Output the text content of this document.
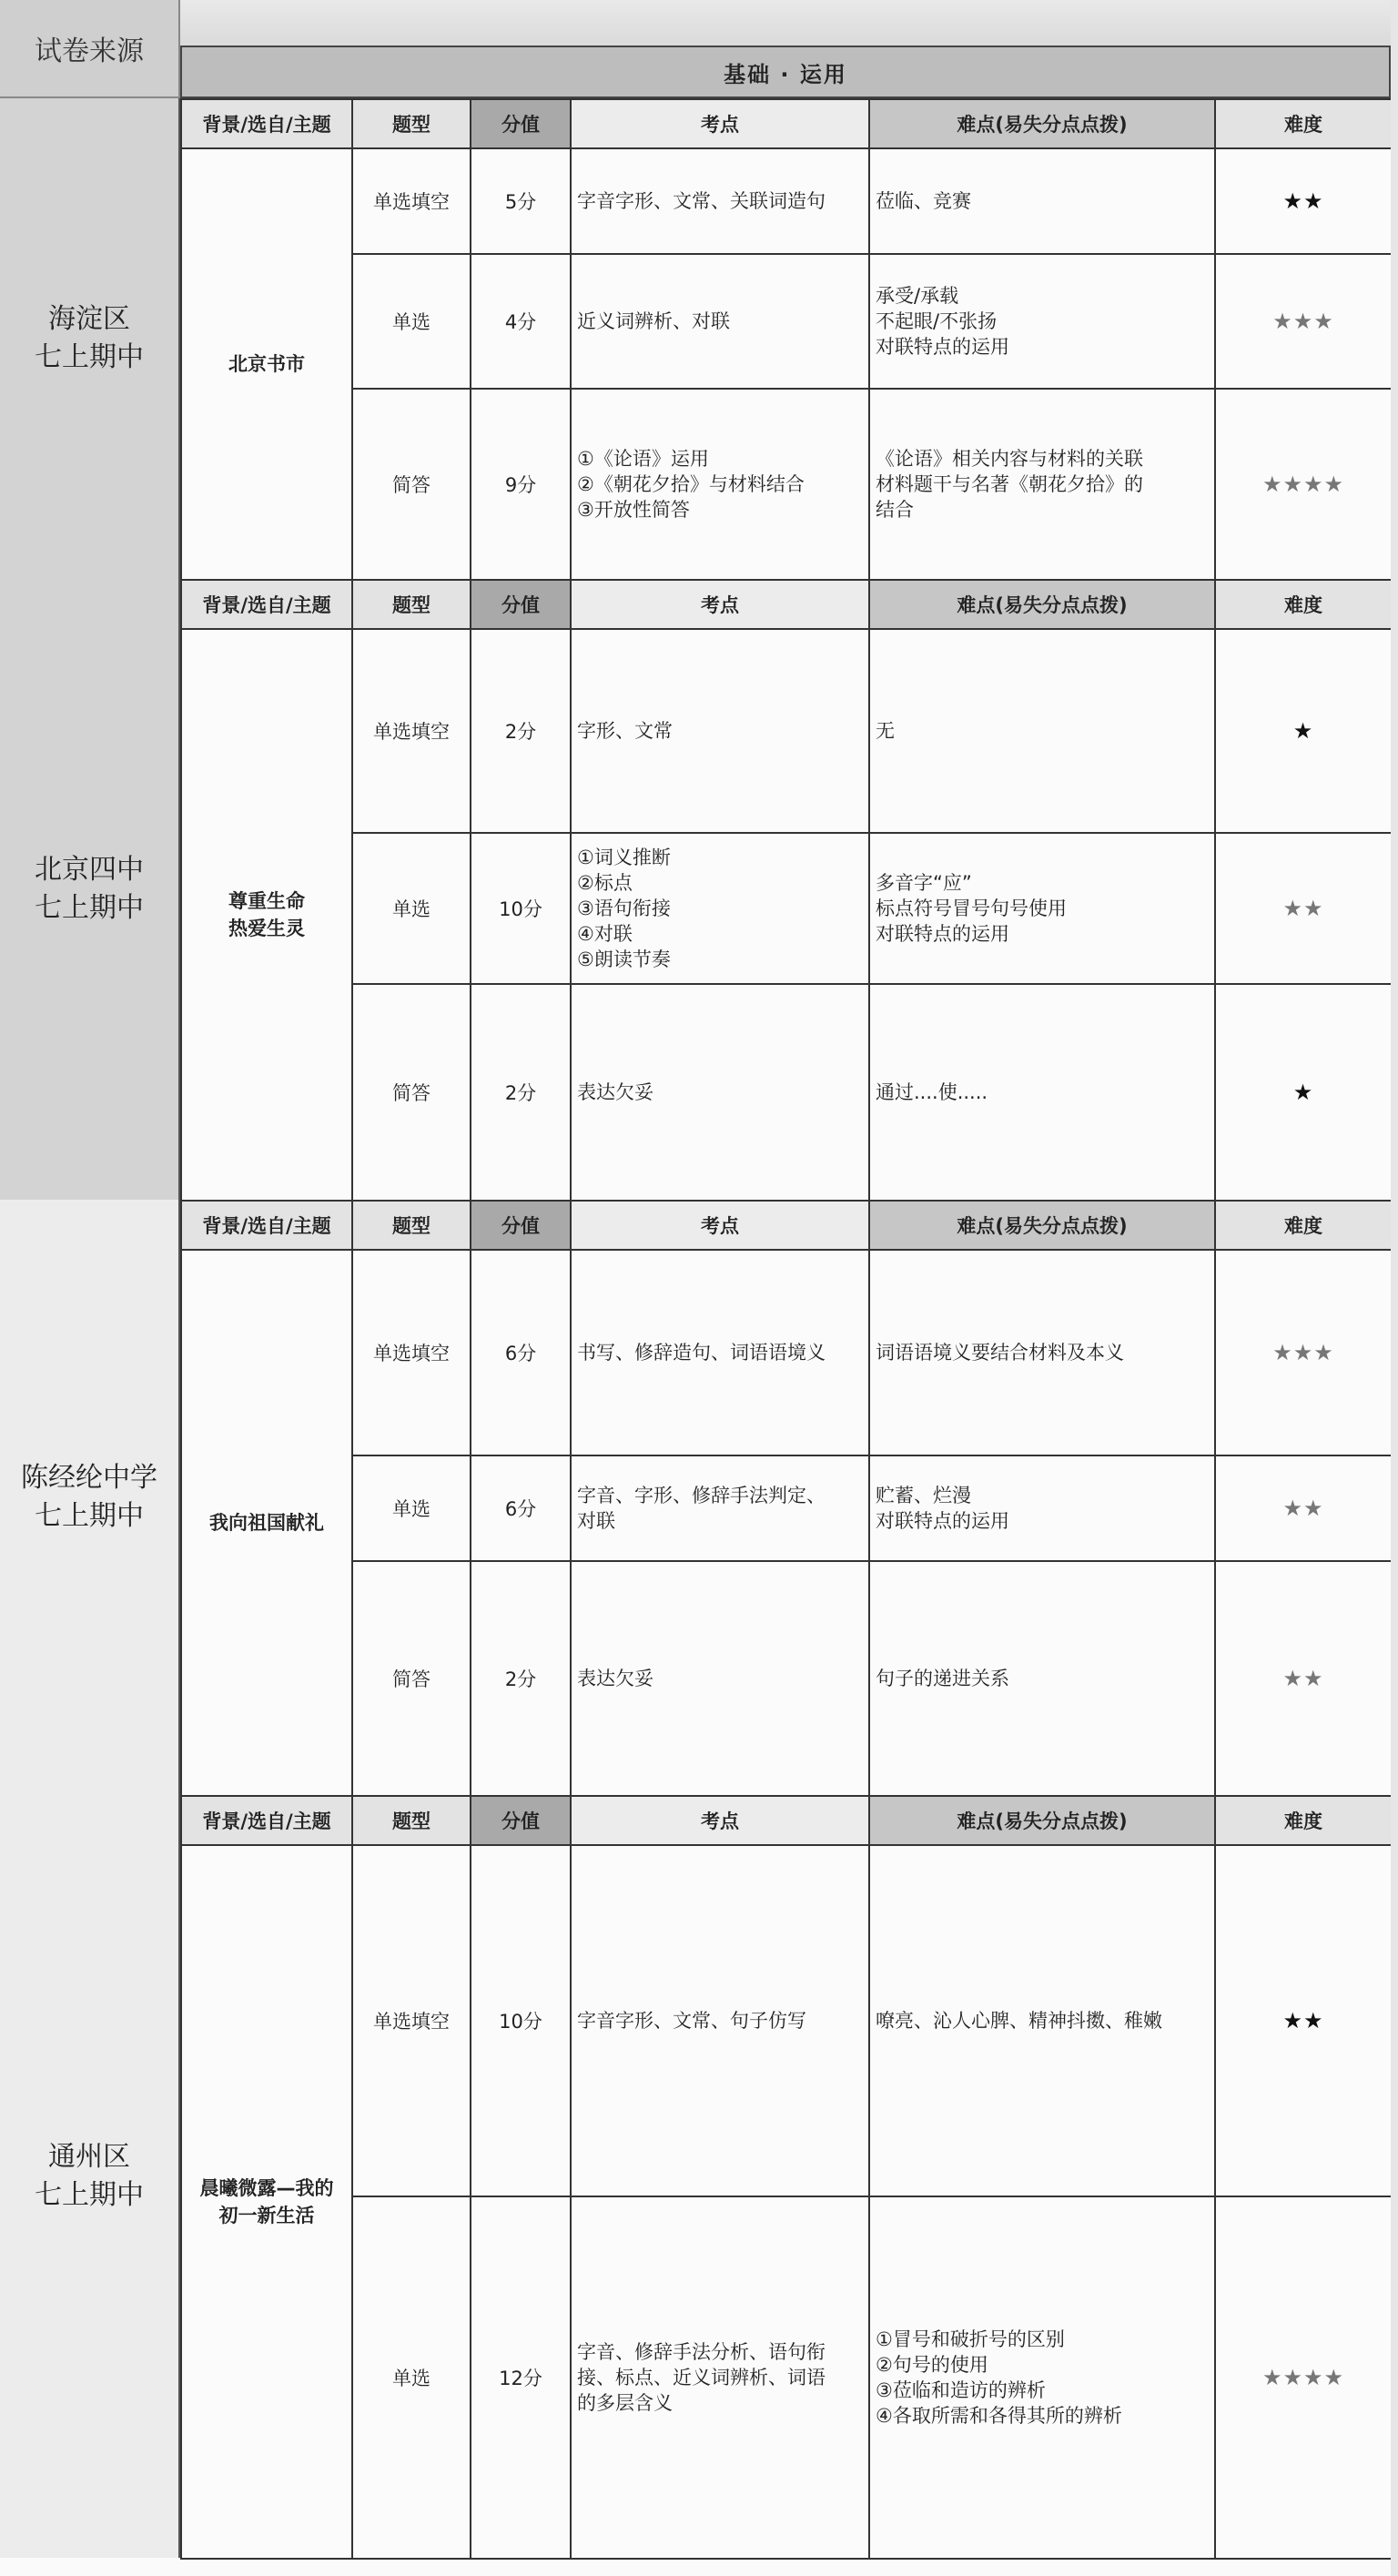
试卷来源
基础 · 运用
海淀区
七上期中
背景/选自/主题	题型	分值	考点	难点(易失分点点拨)	难度

北京书市	单选填空	5分	字音字形、文常、关联词造句	莅临、竞赛	★★
	单选	4分	近义词辨析、对联	承受/承载
不起眼/不张扬
对联特点的运用	★★★
	简答	9分	①《论语》运用
②《朝花夕拾》与材料结合
③开放性简答	《论语》相关内容与材料的关联
材料题干与名著《朝花夕拾》的
结合	★★★★
北京四中
七上期中
背景/选自/主题	题型	分值	考点	难点(易失分点点拨)	难度

尊重生命
热爱生灵	单选填空	2分	字形、文常	无	★
	单选	10分	①词义推断
②标点
③语句衔接
④对联
⑤朗读节奏	多音字“应”
标点符号冒号句号使用
对联特点的运用	★★
	简答	2分	表达欠妥	通过....使.....	★
陈经纶中学
七上期中
背景/选自/主题	题型	分值	考点	难点(易失分点点拨)	难度

我向祖国献礼	单选填空	6分	书写、修辞造句、词语语境义	词语语境义要结合材料及本义	★★★
	单选	6分	字音、字形、修辞手法判定、
对联	贮蓄、烂漫
对联特点的运用	★★
	简答	2分	表达欠妥	句子的递进关系	★★
通州区
七上期中
背景/选自/主题	题型	分值	考点	难点(易失分点点拨)	难度

晨曦微露—我的
初一新生活	单选填空	10分	字音字形、文常、句子仿写	嘹亮、沁人心脾、精神抖擞、稚嫩	★★
	单选	12分	字音、修辞手法分析、语句衔
接、标点、近义词辨析、词语
的多层含义	①冒号和破折号的区别
②句号的使用
③莅临和造访的辨析
④各取所需和各得其所的辨析	★★★★
